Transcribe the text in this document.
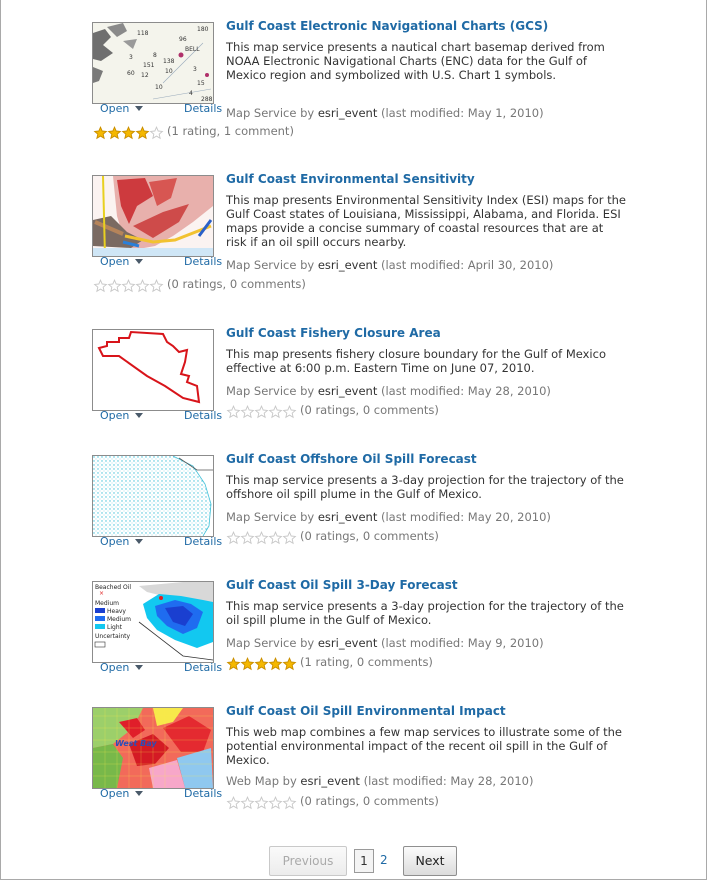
118
180
3
151
8
138
BELL
60 12
10	3
10
4
15
288
96
Open	Details
Gulf Coast Electronic Navigational Charts (GCS)
This map service presents a nautical chart basemap derived from NOAA Electronic Navigational Charts (ENC) data for the Gulf of Mexico region and symbolized with U.S. Chart 1 symbols.
Map Service by esri_event (last modified: May 1, 2010)
(1 rating, 1 comment)
Open	Details
Gulf Coast Environmental Sensitivity
This map presents Environmental Sensitivity Index (ESI) maps for the Gulf Coast states of Louisiana, Mississippi, Alabama, and Florida. ESI maps provide a concise summary of coastal resources that are at risk if an oil spill occurs nearby.
Map Service by esri_event (last modified: April 30, 2010)
(0 ratings, 0 comments)
Open	Details
Gulf Coast Fishery Closure Area
This map presents fishery closure boundary for the Gulf of Mexico effective at 6:00 p.m. Eastern Time on June 07, 2010.
Map Service by esri_event (last modified: May 28, 2010)
(0 ratings, 0 comments)
Open	Details
Gulf Coast Offshore Oil Spill Forecast
This map service presents a 3-day projection for the trajectory of the offshore oil spill plume in the Gulf of Mexico.
Map Service by esri_event (last modified: May 20, 2010)
(0 ratings, 0 comments)
Beached Oil
×
Medium
Heavy
Medium
Light
Uncertainty
Open	Details
Gulf Coast Oil Spill 3-Day Forecast
This map service presents a 3-day projection for the trajectory of the oil spill plume in the Gulf of Mexico.
Map Service by esri_event (last modified: May 9, 2010)
(1 rating, 0 comments)
West Bay
Open	Details
Gulf Coast Oil Spill Environmental Impact
This web map combines a few map services to illustrate some of the potential environmental impact of the recent oil spill in the Gulf of Mexico.
Web Map by esri_event (last modified: May 28, 2010)
(0 ratings, 0 comments)
Previous	1	2	Next
